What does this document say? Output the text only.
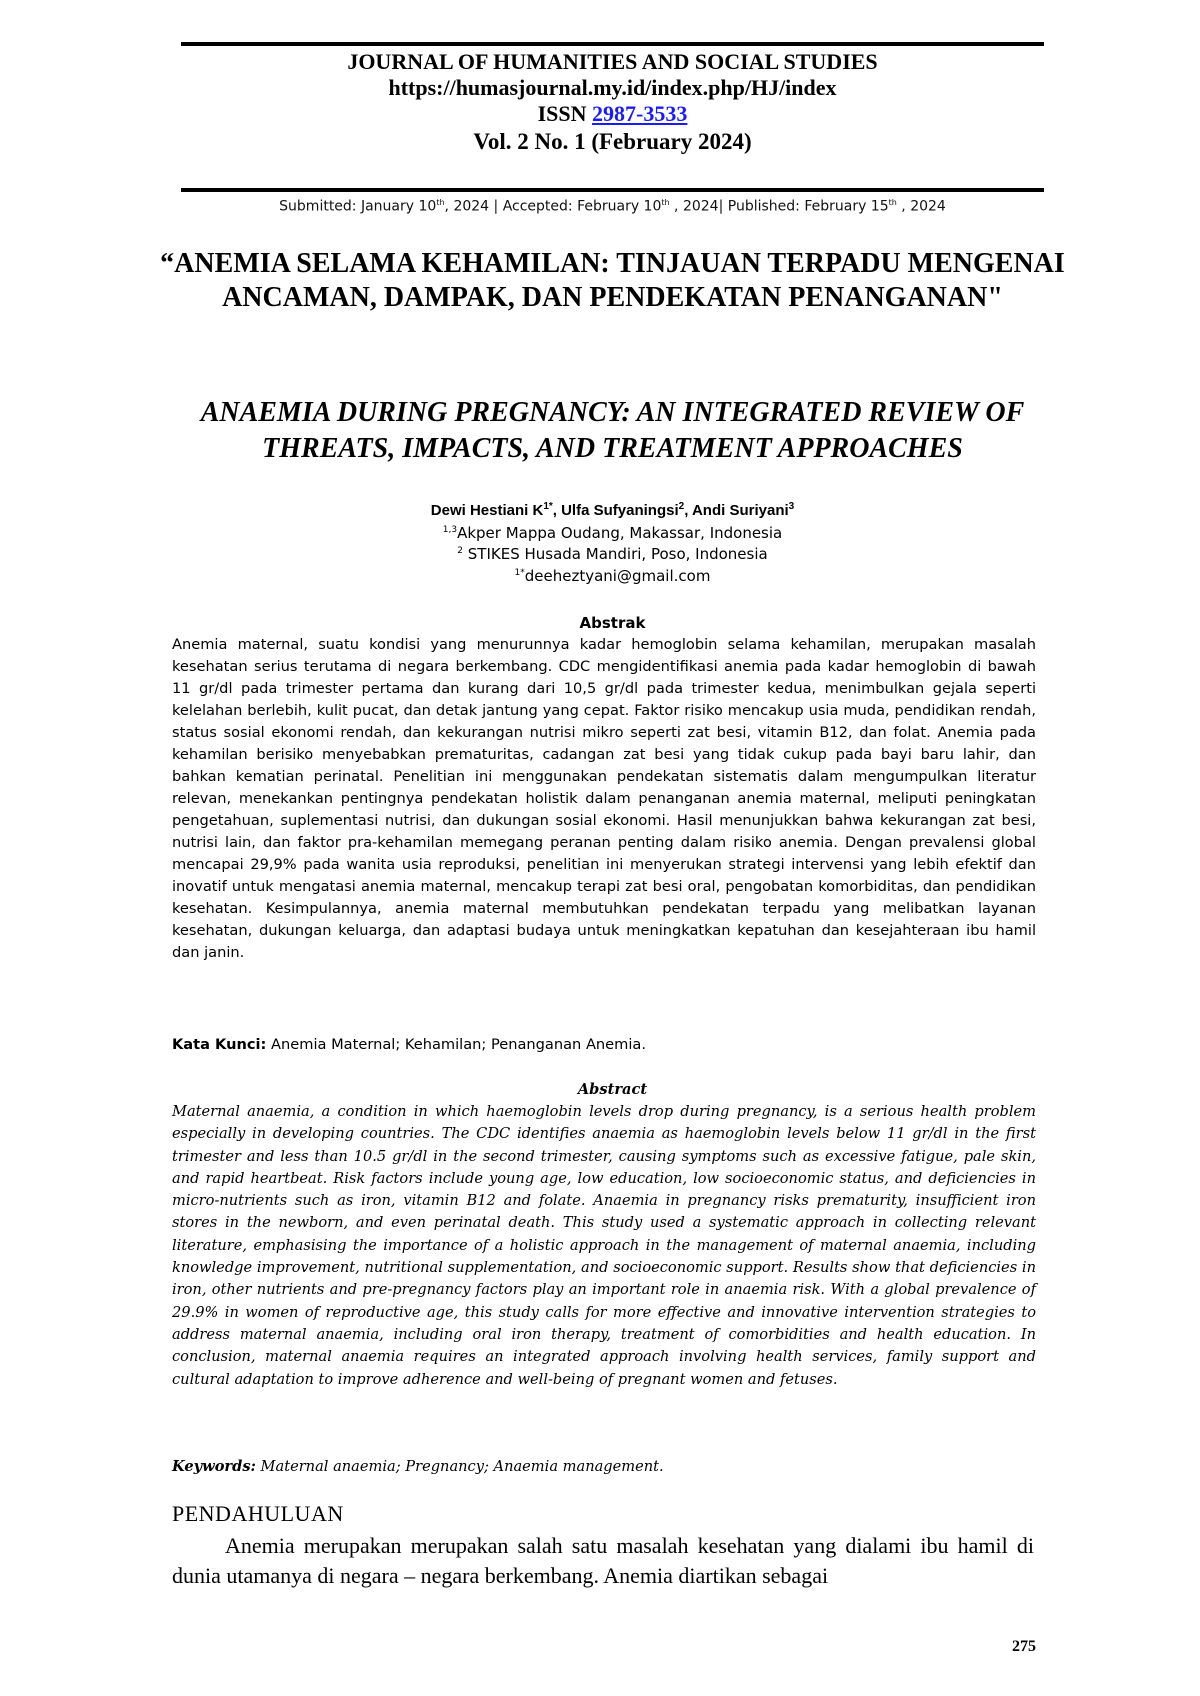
JOURNAL OF HUMANITIES AND SOCIAL STUDIES
https://humasjournal.my.id/index.php/HJ/index
ISSN 2987-3533
Vol. 2 No. 1 (February 2024)
Submitted: January 10th, 2024 | Accepted: February 10th , 2024| Published: February 15th , 2024
“ANEMIA SELAMA KEHAMILAN: TINJAUAN TERPADU MENGENAI ANCAMAN, DAMPAK, DAN PENDEKATAN PENANGANAN"
ANAEMIA DURING PREGNANCY: AN INTEGRATED REVIEW OF THREATS, IMPACTS, AND TREATMENT APPROACHES
Dewi Hestiani $K^{1*}$, Ulfa Sufyaningsi$^2$, Andi Suriyani$^3$
$^{1,3}$Akper Mappa Oudang, Makassar, Indonesia
$^2$ STIKES Husada Mandiri, Poso, Indonesia
$^{1*}$deeheztyani@gmail.com
Abstrak
Anemia maternal, suatu kondisi yang menurunnya kadar hemoglobin selama kehamilan, merupakan masalah kesehatan serius terutama di negara berkembang. CDC mengidentifikasi anemia pada kadar hemoglobin di bawah 11 gr/dl pada trimester pertama dan kurang dari 10,5 gr/dl pada trimester kedua, menimbulkan gejala seperti kelelahan berlebih, kulit pucat, dan detak jantung yang cepat. Faktor risiko mencakup usia muda, pendidikan rendah, status sosial ekonomi rendah, dan kekurangan nutrisi mikro seperti zat besi, vitamin B12, dan folat. Anemia pada kehamilan berisiko menyebabkan prematuritas, cadangan zat besi yang tidak cukup pada bayi baru lahir, dan bahkan kematian perinatal. Penelitian ini menggunakan pendekatan sistematis dalam mengumpulkan literatur relevan, menekankan pentingnya pendekatan holistik dalam penanganan anemia maternal, meliputi peningkatan pengetahuan, suplementasi nutrisi, dan dukungan sosial ekonomi. Hasil menunjukkan bahwa kekurangan zat besi, nutrisi lain, dan faktor pra-kehamilan memegang peranan penting dalam risiko anemia. Dengan prevalensi global mencapai 29,9% pada wanita usia reproduksi, penelitian ini menyerukan strategi intervensi yang lebih efektif dan inovatif untuk mengatasi anemia maternal, mencakup terapi zat besi oral, pengobatan komorbiditas, dan pendidikan kesehatan. Kesimpulannya, anemia maternal membutuhkan pendekatan terpadu yang melibatkan layanan kesehatan, dukungan keluarga, dan adaptasi budaya untuk meningkatkan kepatuhan dan kesejahteraan ibu hamil dan janin.
Kata Kunci: Anemia Maternal; Kehamilan; Penanganan Anemia.
Abstract
Maternal anaemia, a condition in which haemoglobin levels drop during pregnancy, is a serious health problem especially in developing countries. The CDC identifies anaemia as haemoglobin levels below 11 gr/dl in the first trimester and less than 10.5 gr/dl in the second trimester, causing symptoms such as excessive fatigue, pale skin, and rapid heartbeat. Risk factors include young age, low education, low socioeconomic status, and deficiencies in micro-nutrients such as iron, vitamin B12 and folate. Anaemia in pregnancy risks prematurity, insufficient iron stores in the newborn, and even perinatal death. This study used a systematic approach in collecting relevant literature, emphasising the importance of a holistic approach in the management of maternal anaemia, including knowledge improvement, nutritional supplementation, and socioeconomic support. Results show that deficiencies in iron, other nutrients and pre-pregnancy factors play an important role in anaemia risk. With a global prevalence of 29.9% in women of reproductive age, this study calls for more effective and innovative intervention strategies to address maternal anaemia, including oral iron therapy, treatment of comorbidities and health education. In conclusion, maternal anaemia requires an integrated approach involving health services, family support and cultural adaptation to improve adherence and well-being of pregnant women and fetuses.
Keywords: Maternal anaemia; Pregnancy; Anaemia management.
PENDAHULUAN
Anemia merupakan merupakan salah satu masalah kesehatan yang dialami ibu hamil di dunia utamanya di negara – negara berkembang. Anemia diartikan sebagai
275
